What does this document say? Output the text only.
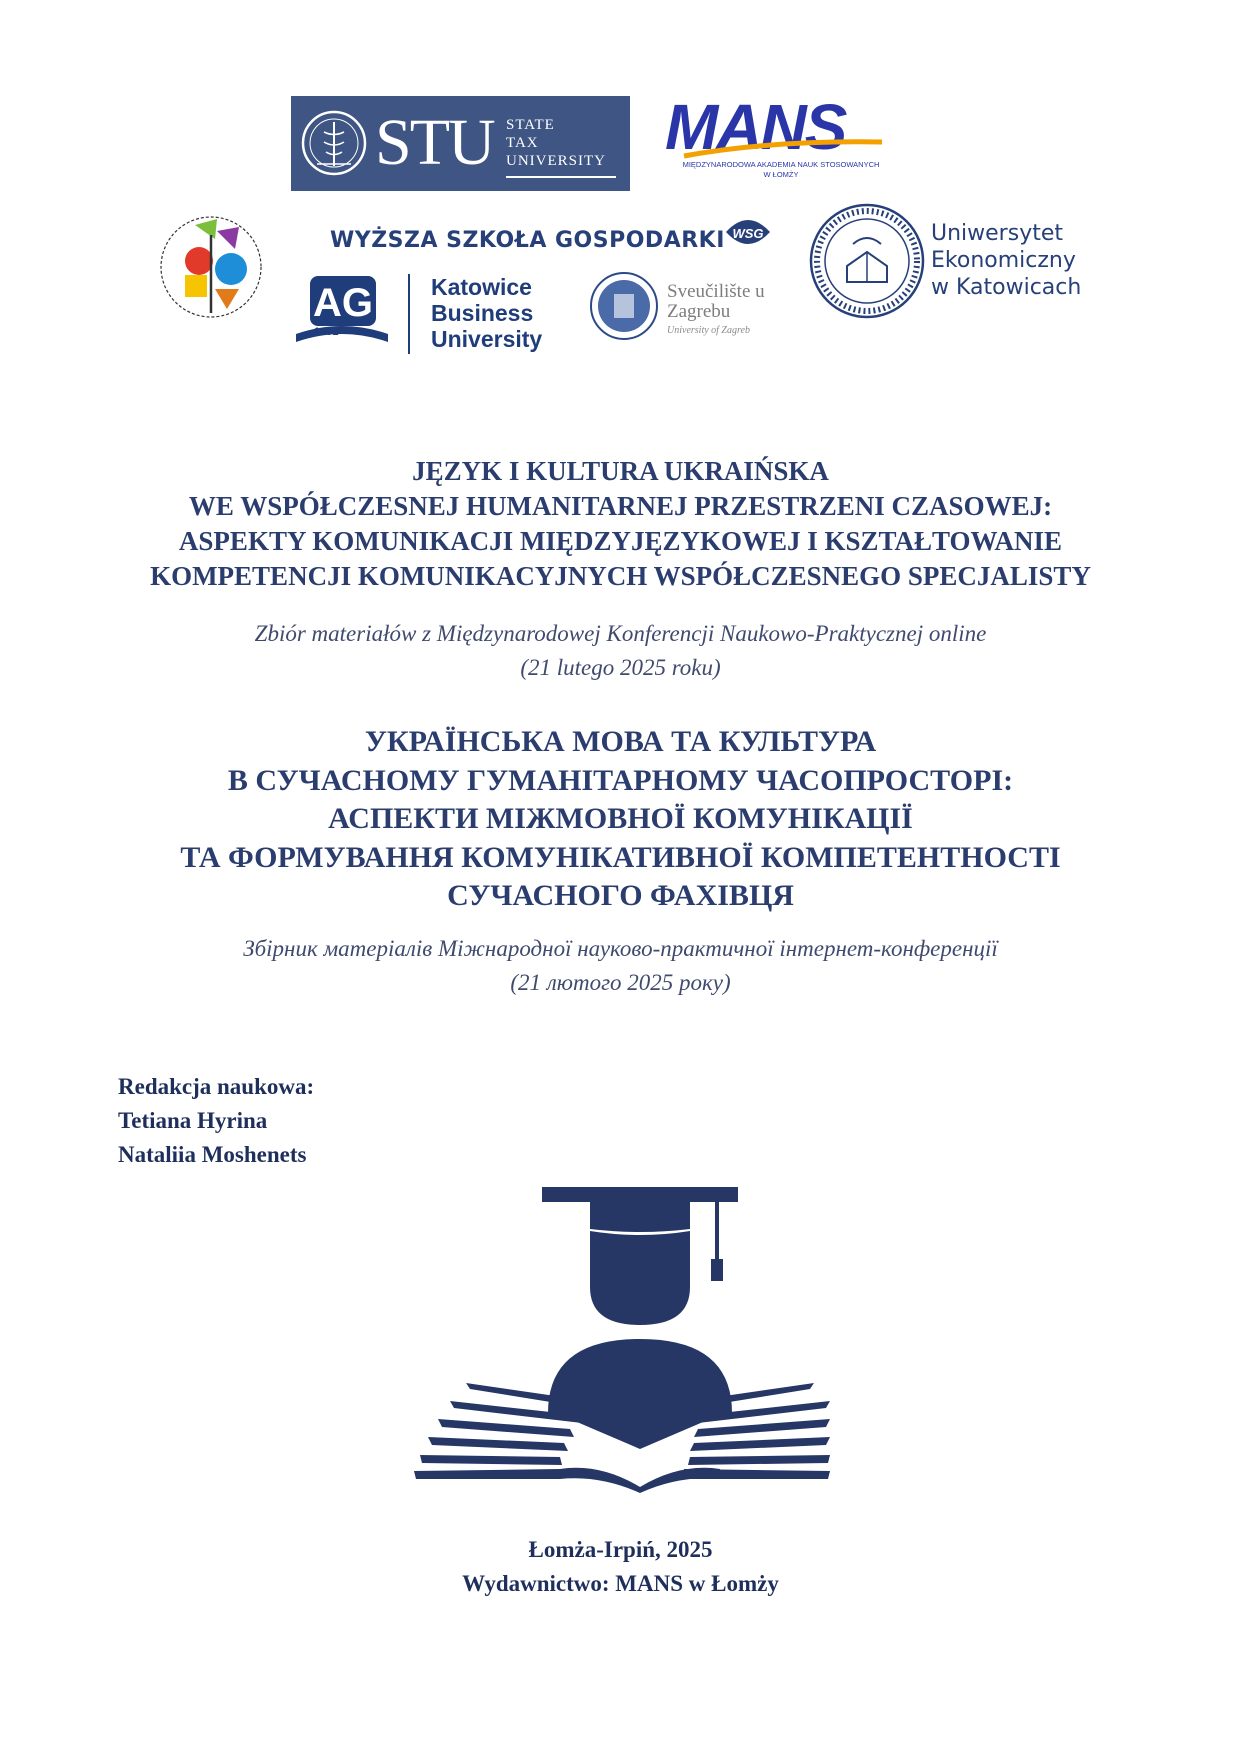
STU STATE
TAX
UNIVERSITY MANS
MIĘDZYNARODOWA AKADEMIA NAUK STOSOWANYCH
W ŁOMŻY
WYŻSZA SZKOŁA GOSPODARKI WSG
AG
1991
Katowice
Business
University
Sveučilište u
Zagrebu
University of Zagreb
Uniwersytet
Ekonomiczny
w Katowicach
JĘZYK I KULTURA UKRAIŃSKA
WE WSPÓŁCZESNEJ HUMANITARNEJ PRZESTRZENI CZASOWEJ:
ASPEKTY KOMUNIKACJI MIĘDZYJĘZYKOWEJ I KSZTAŁTOWANIE
KOMPETENCJI KOMUNIKACYJNYCH WSPÓŁCZESNEGO SPECJALISTY
Zbiór materiałów z Międzynarodowej Konferencji Naukowo-Praktycznej online
(21 lutego 2025 roku)
УКРАЇНСЬКА МОВА ТА КУЛЬТУРА
В СУЧАСНОМУ ГУМАНІТАРНОМУ ЧАСОПРОСТОРІ:
АСПЕКТИ МІЖМОВНОЇ КОМУНІКАЦІЇ
ТА ФОРМУВАННЯ КОМУНІКАТИВНОЇ КОМПЕТЕНТНОСТІ
СУЧАСНОГО ФАХІВЦЯ
Збірник матеріалів Міжнародної науково-практичної інтернет-конференції
(21 лютого 2025 року)
Redakcja naukowa:
Tetiana Hyrina
Nataliia Moshenets
Łomża-Irpiń, 2025
Wydawnictwo: MANS w Łomży
